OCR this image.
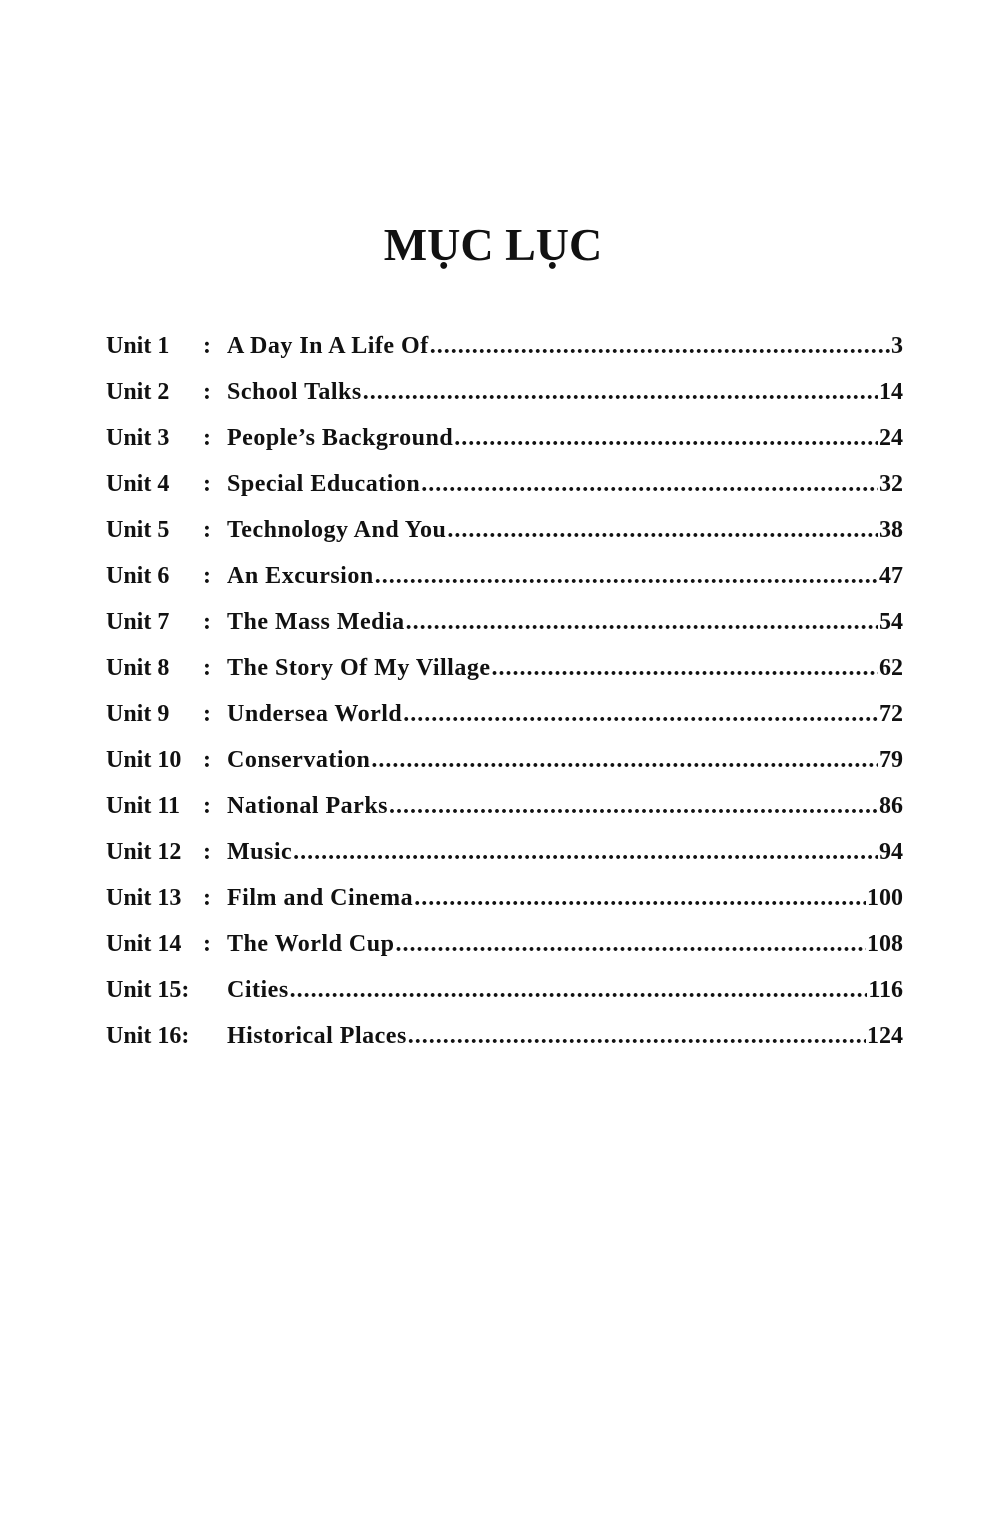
MỤC LỤC
Unit 1	: A Day In A Life Of .....	3
Unit 2	: School Talks .....	14
Unit 3	: People’s Background .....	24
Unit 4	: Special Education .....	32
Unit 5	: Technology And You .....	38
Unit 6	: An Excursion .....	47
Unit 7	: The Mass Media .....	54
Unit 8	: The Story Of My Village .....	62
Unit 9	: Undersea World .....	72
Unit 10 : Conservation .....	79
Unit 11 : National Parks .....	86
Unit 12 : Music .....	94
Unit 13 : Film and Cinema .....	100
Unit 14 : The World Cup .....	108
Unit 15:	Cities .....	116
Unit 16:	Historical Places .....	124
